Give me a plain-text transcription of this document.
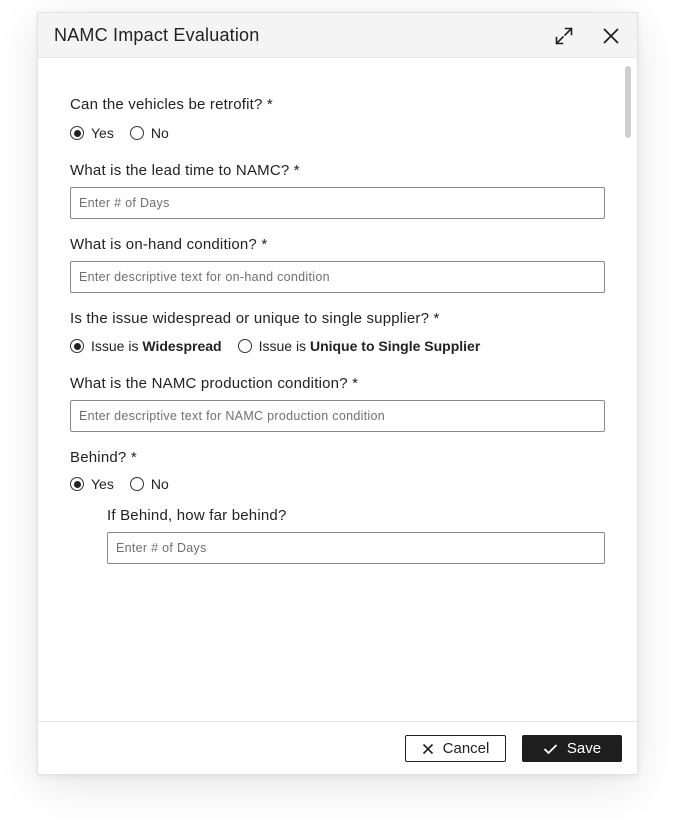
NAMC Impact Evaluation
Can the vehicles be retrofit? *
Yes	No
What is the lead time to NAMC? *
Enter # of Days
What is on-hand condition? *
Enter descriptive text for on-hand condition
Is the issue widespread or unique to single supplier? *
Issue is Widespread	Issue is Unique to Single Supplier
What is the NAMC production condition? *
Enter descriptive text for NAMC production condition
Behind? *
Yes	No
If Behind, how far behind?
Enter # of Days
Cancel	Save
